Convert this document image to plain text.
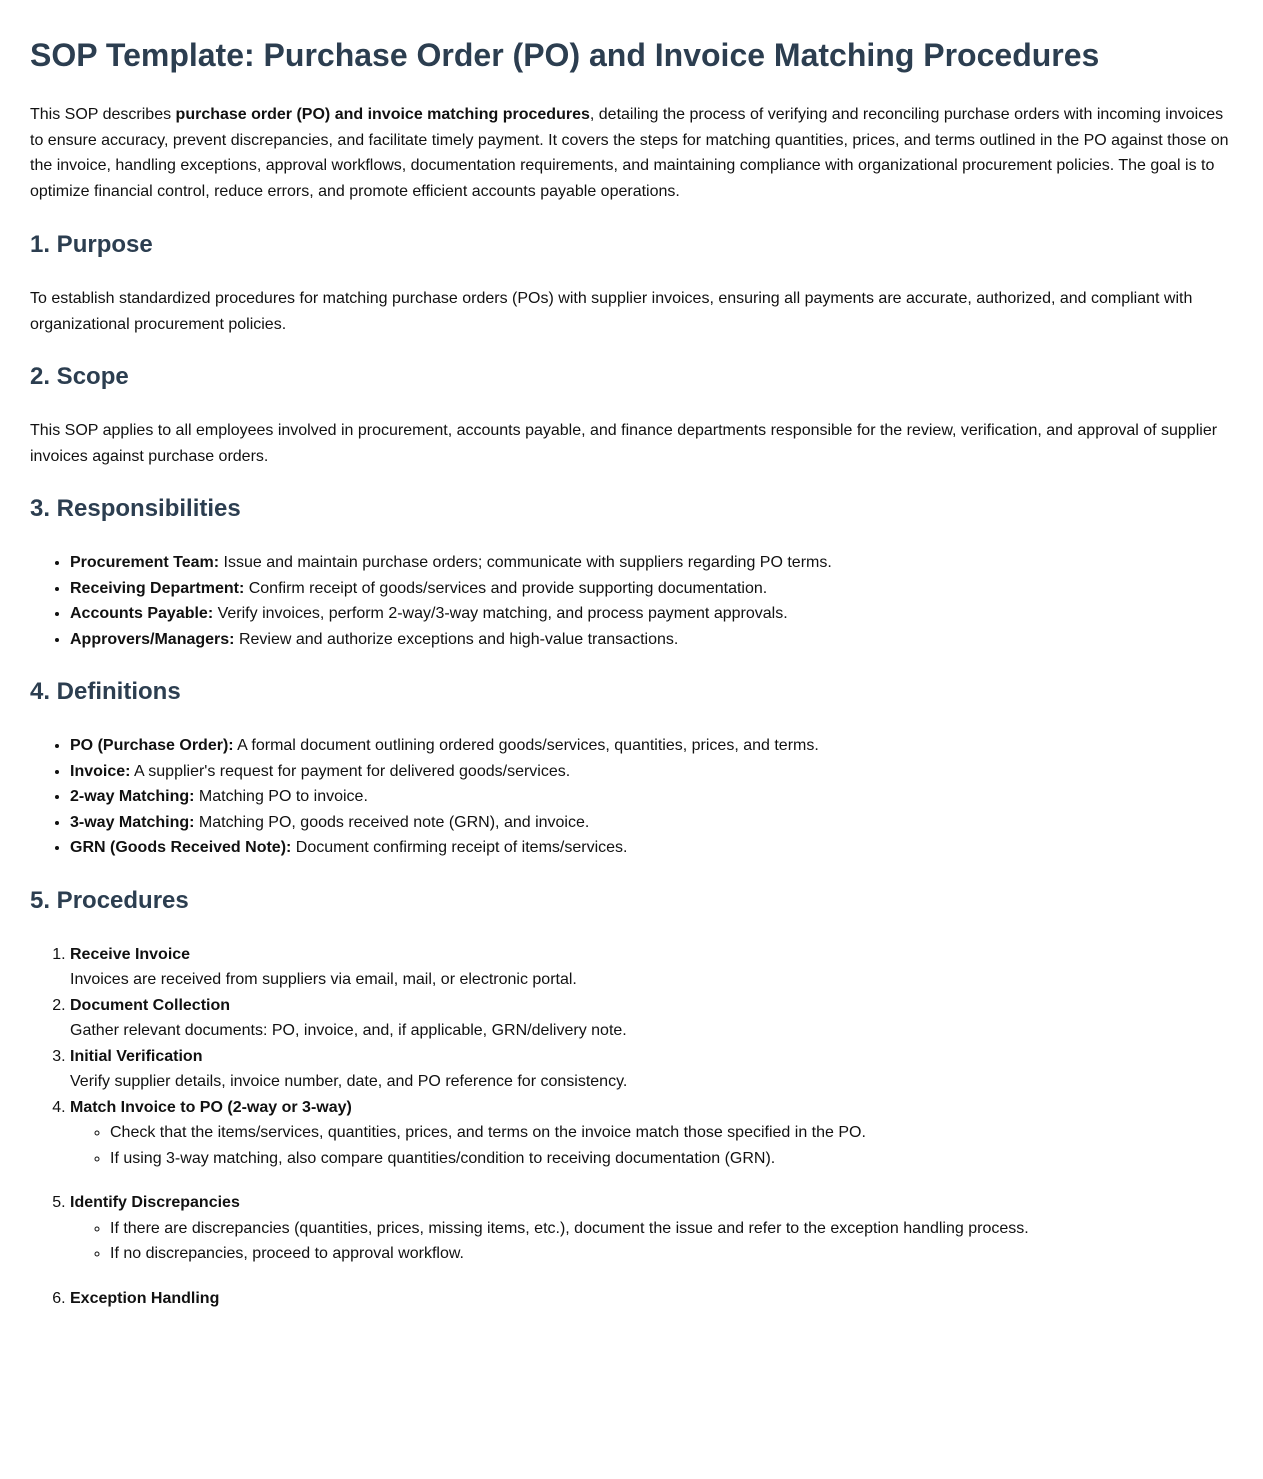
SOP Template: Purchase Order (PO) and Invoice Matching Procedures

This SOP describes purchase order (PO) and invoice matching procedures, detailing the process of verifying and reconciling purchase orders with incoming invoices to ensure accuracy, prevent discrepancies, and facilitate timely payment. It covers the steps for matching quantities, prices, and terms outlined in the PO against those on the invoice, handling exceptions, approval workflows, documentation requirements, and maintaining compliance with organizational procurement policies. The goal is to optimize financial control, reduce errors, and promote efficient accounts payable operations.

1. Purpose

To establish standardized procedures for matching purchase orders (POs) with supplier invoices, ensuring all payments are accurate, authorized, and compliant with organizational procurement policies.

2. Scope

This SOP applies to all employees involved in procurement, accounts payable, and finance departments responsible for the review, verification, and approval of supplier invoices against purchase orders.

3. Responsibilities
• Procurement Team: Issue and maintain purchase orders; communicate with suppliers regarding PO terms.
• Receiving Department: Confirm receipt of goods/services and provide supporting documentation.
• Accounts Payable: Verify invoices, perform 2-way/3-way matching, and process payment approvals.
• Approvers/Managers: Review and authorize exceptions and high-value transactions.
4. Definitions
• PO (Purchase Order): A formal document outlining ordered goods/services, quantities, prices, and terms.
• Invoice: A supplier's request for payment for delivered goods/services.
• 2-way Matching: Matching PO to invoice.
• 3-way Matching: Matching PO, goods received note (GRN), and invoice.
• GRN (Goods Received Note): Document confirming receipt of items/services.
5. Procedures
1. Receive Invoice
Invoices are received from suppliers via email, mail, or electronic portal.
2. Document Collection
Gather relevant documents: PO, invoice, and, if applicable, GRN/delivery note.
3. Initial Verification
Verify supplier details, invoice number, date, and PO reference for consistency.
4. Match Invoice to PO (2-way or 3-way)
◦ Check that the items/services, quantities, prices, and terms on the invoice match those specified in the PO.
◦ If using 3-way matching, also compare quantities/condition to receiving documentation (GRN).
5. Identify Discrepancies
◦ If there are discrepancies (quantities, prices, missing items, etc.), document the issue and refer to the exception handling process.
◦ If no discrepancies, proceed to approval workflow.
6. Exception Handling
